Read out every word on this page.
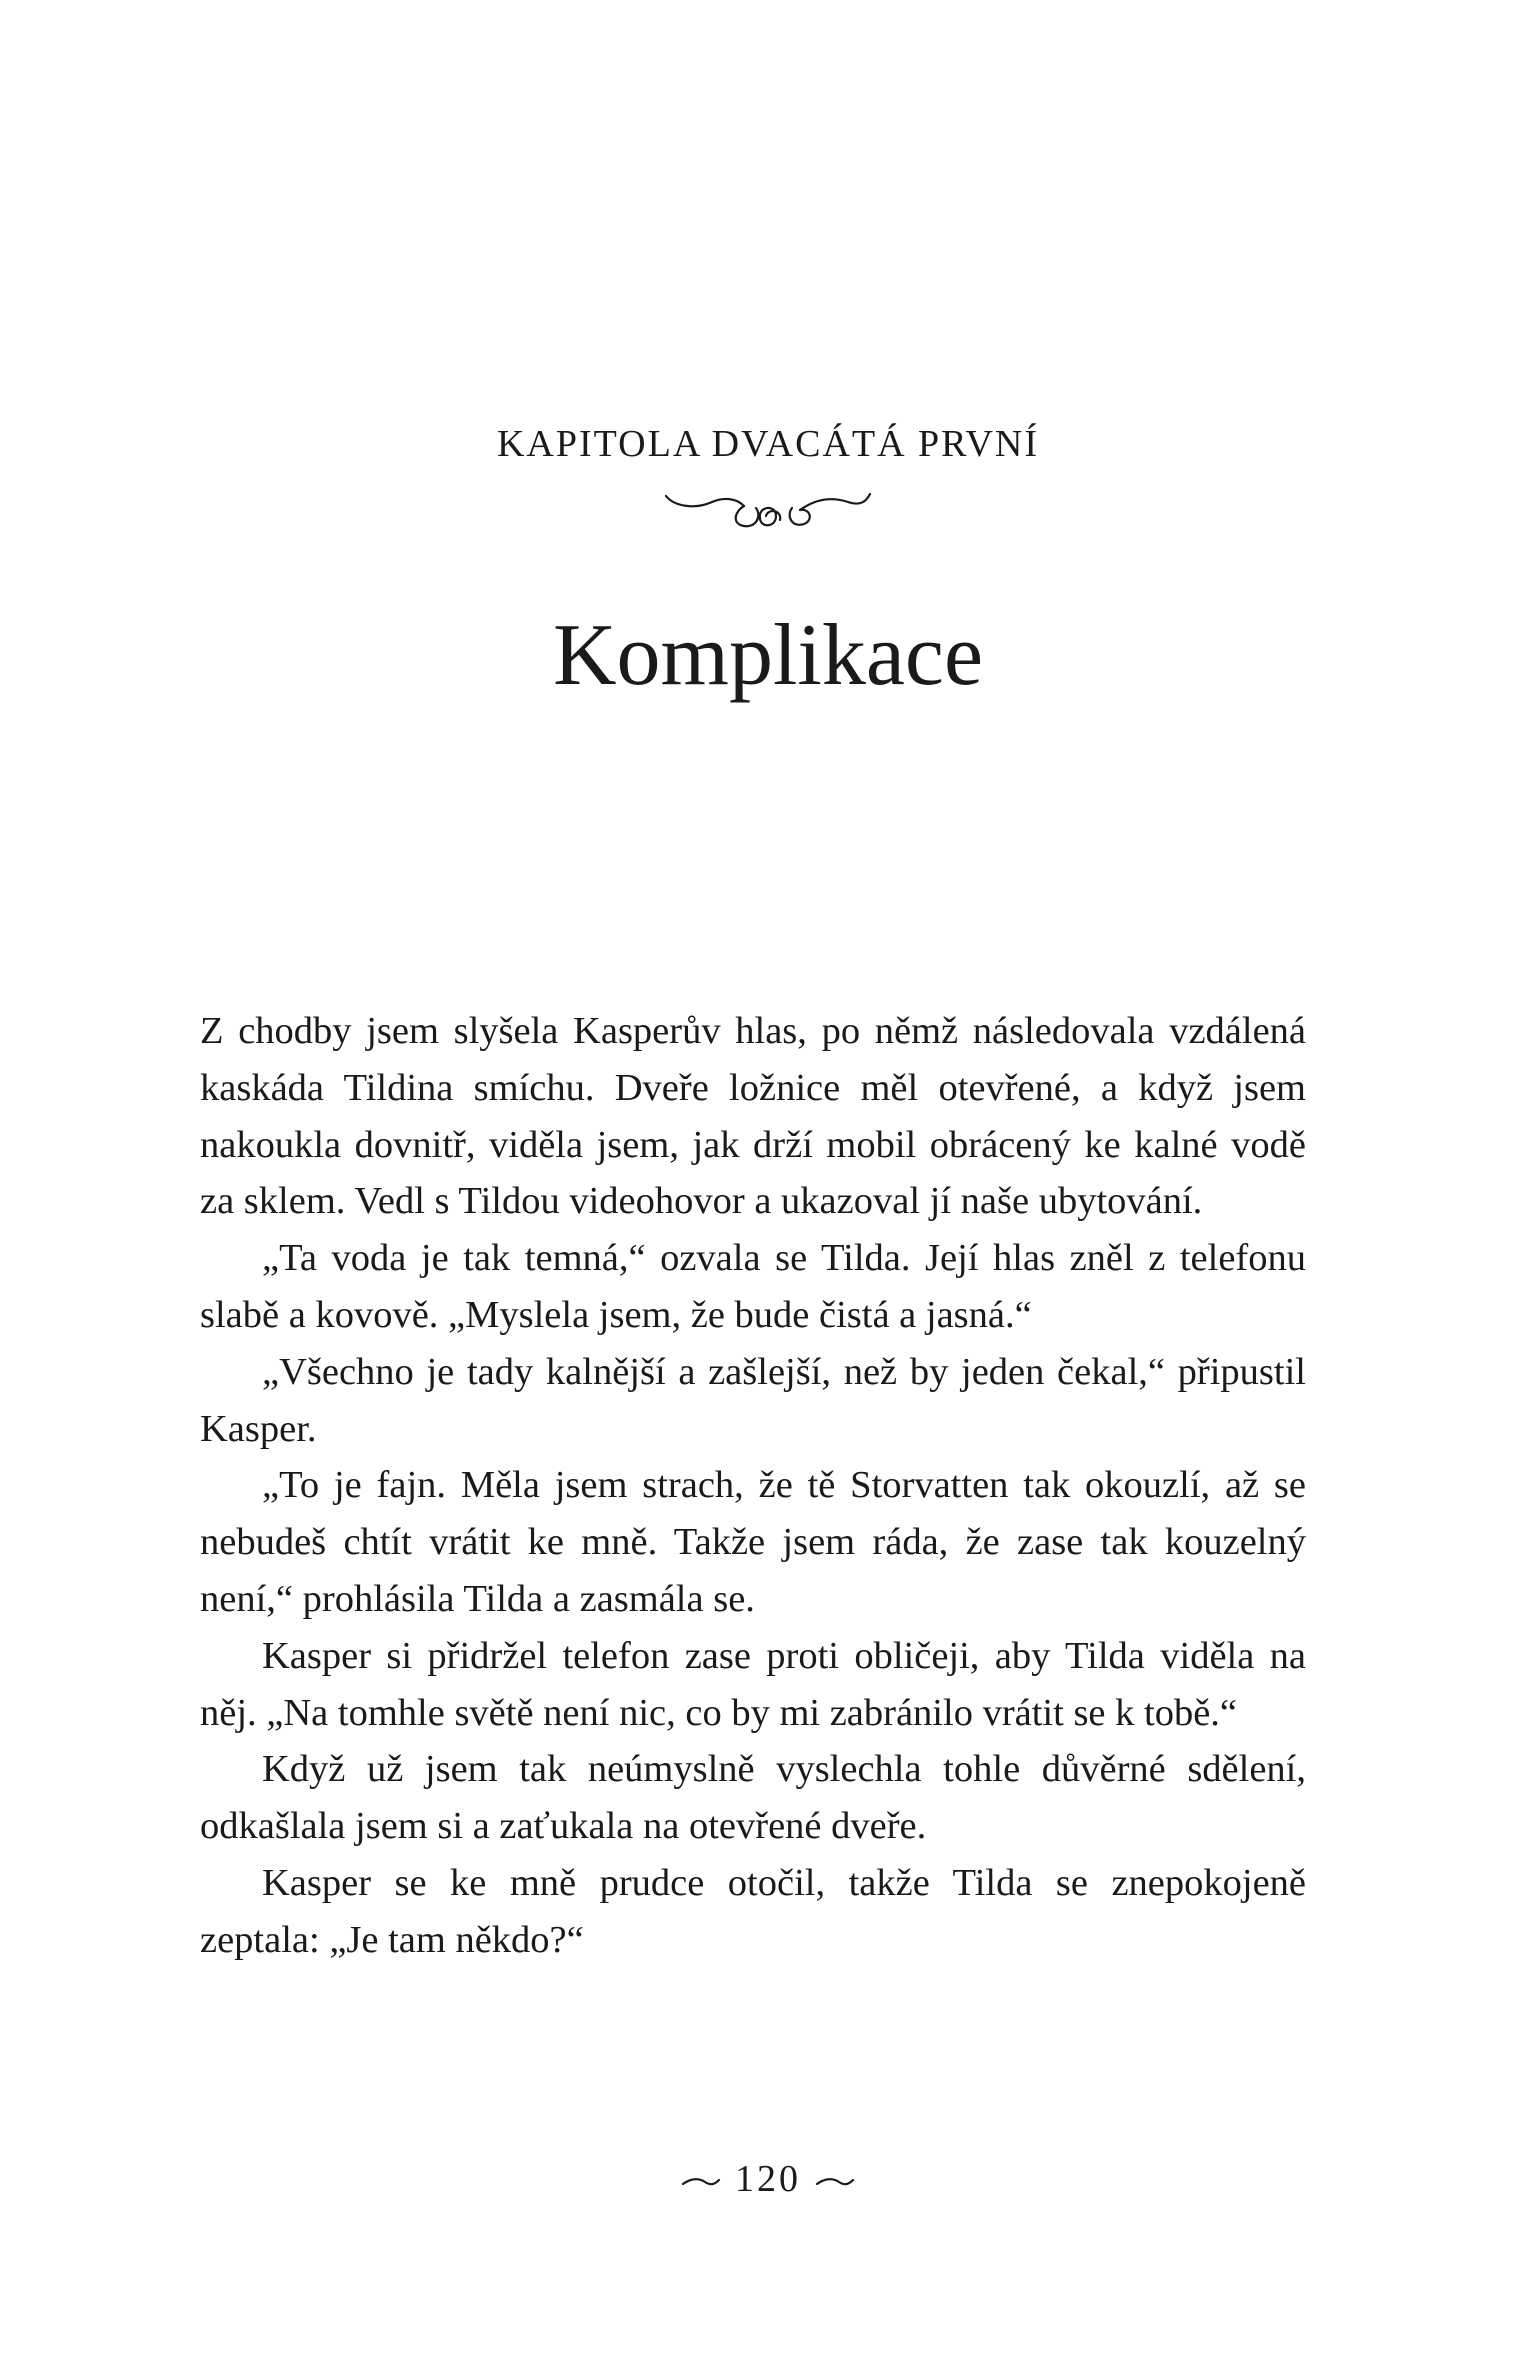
KAPITOLA DVACÁTÁ PRVNÍ
Komplikace

Z chodby jsem slyšela Kasperův hlas, po němž následovala vzdálená kaskáda Tildina smíchu. Dveře ložnice měl otevřené, a když jsem nakoukla dovnitř, viděla jsem, jak drží mobil obrácený ke kalné vodě za sklem. Vedl s Tildou videohovor a ukazoval jí naše ubytování.

„Ta voda je tak temná,“ ozvala se Tilda. Její hlas zněl z telefonu slabě a kovově. „Myslela jsem, že bude čistá a jasná.“

„Všechno je tady kalnější a zašlejší, než by jeden čekal,“ připustil Kasper.

„To je fajn. Měla jsem strach, že tě Storvatten tak okouzlí, až se nebudeš chtít vrátit ke mně. Takže jsem ráda, že zase tak kouzelný není,“ prohlásila Tilda a zasmála se.

Kasper si přidržel telefon zase proti obličeji, aby Tilda viděla na něj. „Na tomhle světě není nic, co by mi zabránilo vrátit se k tobě.“

Když už jsem tak neúmyslně vyslechla tohle důvěrné sdělení, odkašlala jsem si a zaťukala na otevřené dveře.

Kasper se ke mně prudce otočil, takže Tilda se znepokojeně zeptala: „Je tam někdo?“

120
